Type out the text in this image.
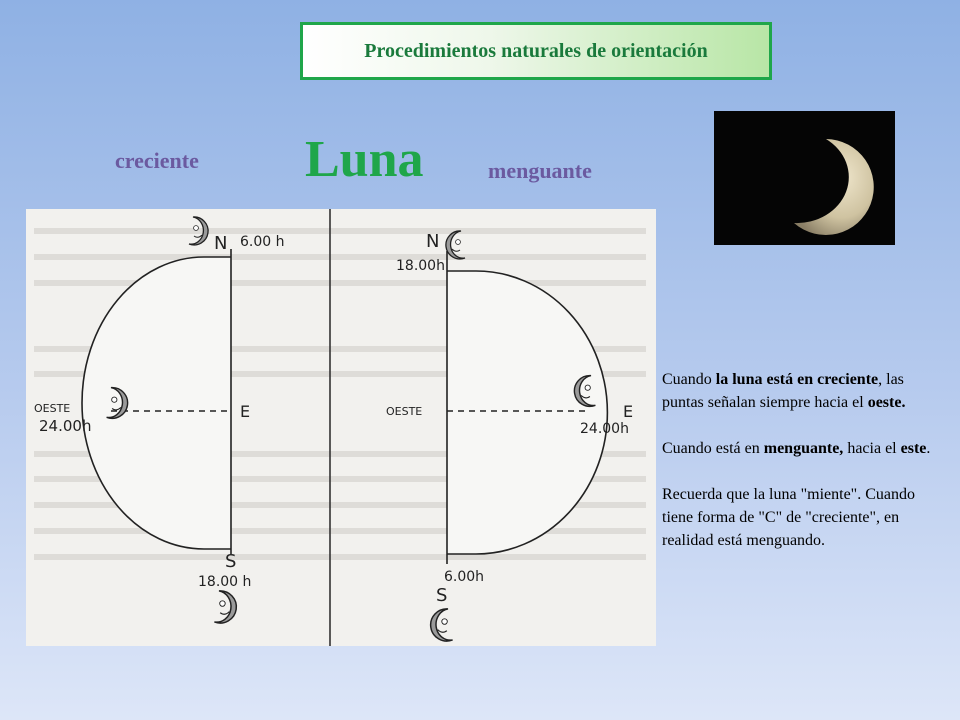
Procedimientos naturales de orientación
creciente Luna	menguante
N 6.00 h
OESTE
24.00h
E
S
18.00 h
N
18.00h
OESTE	E
24.00h
6.00h
S

Cuando la luna está en creciente, las puntas señalan siempre hacia el oeste.

Cuando está en menguante, hacia el este.

Recuerda que la luna "miente". Cuando tiene forma de "C" de "creciente", en realidad está menguando.
